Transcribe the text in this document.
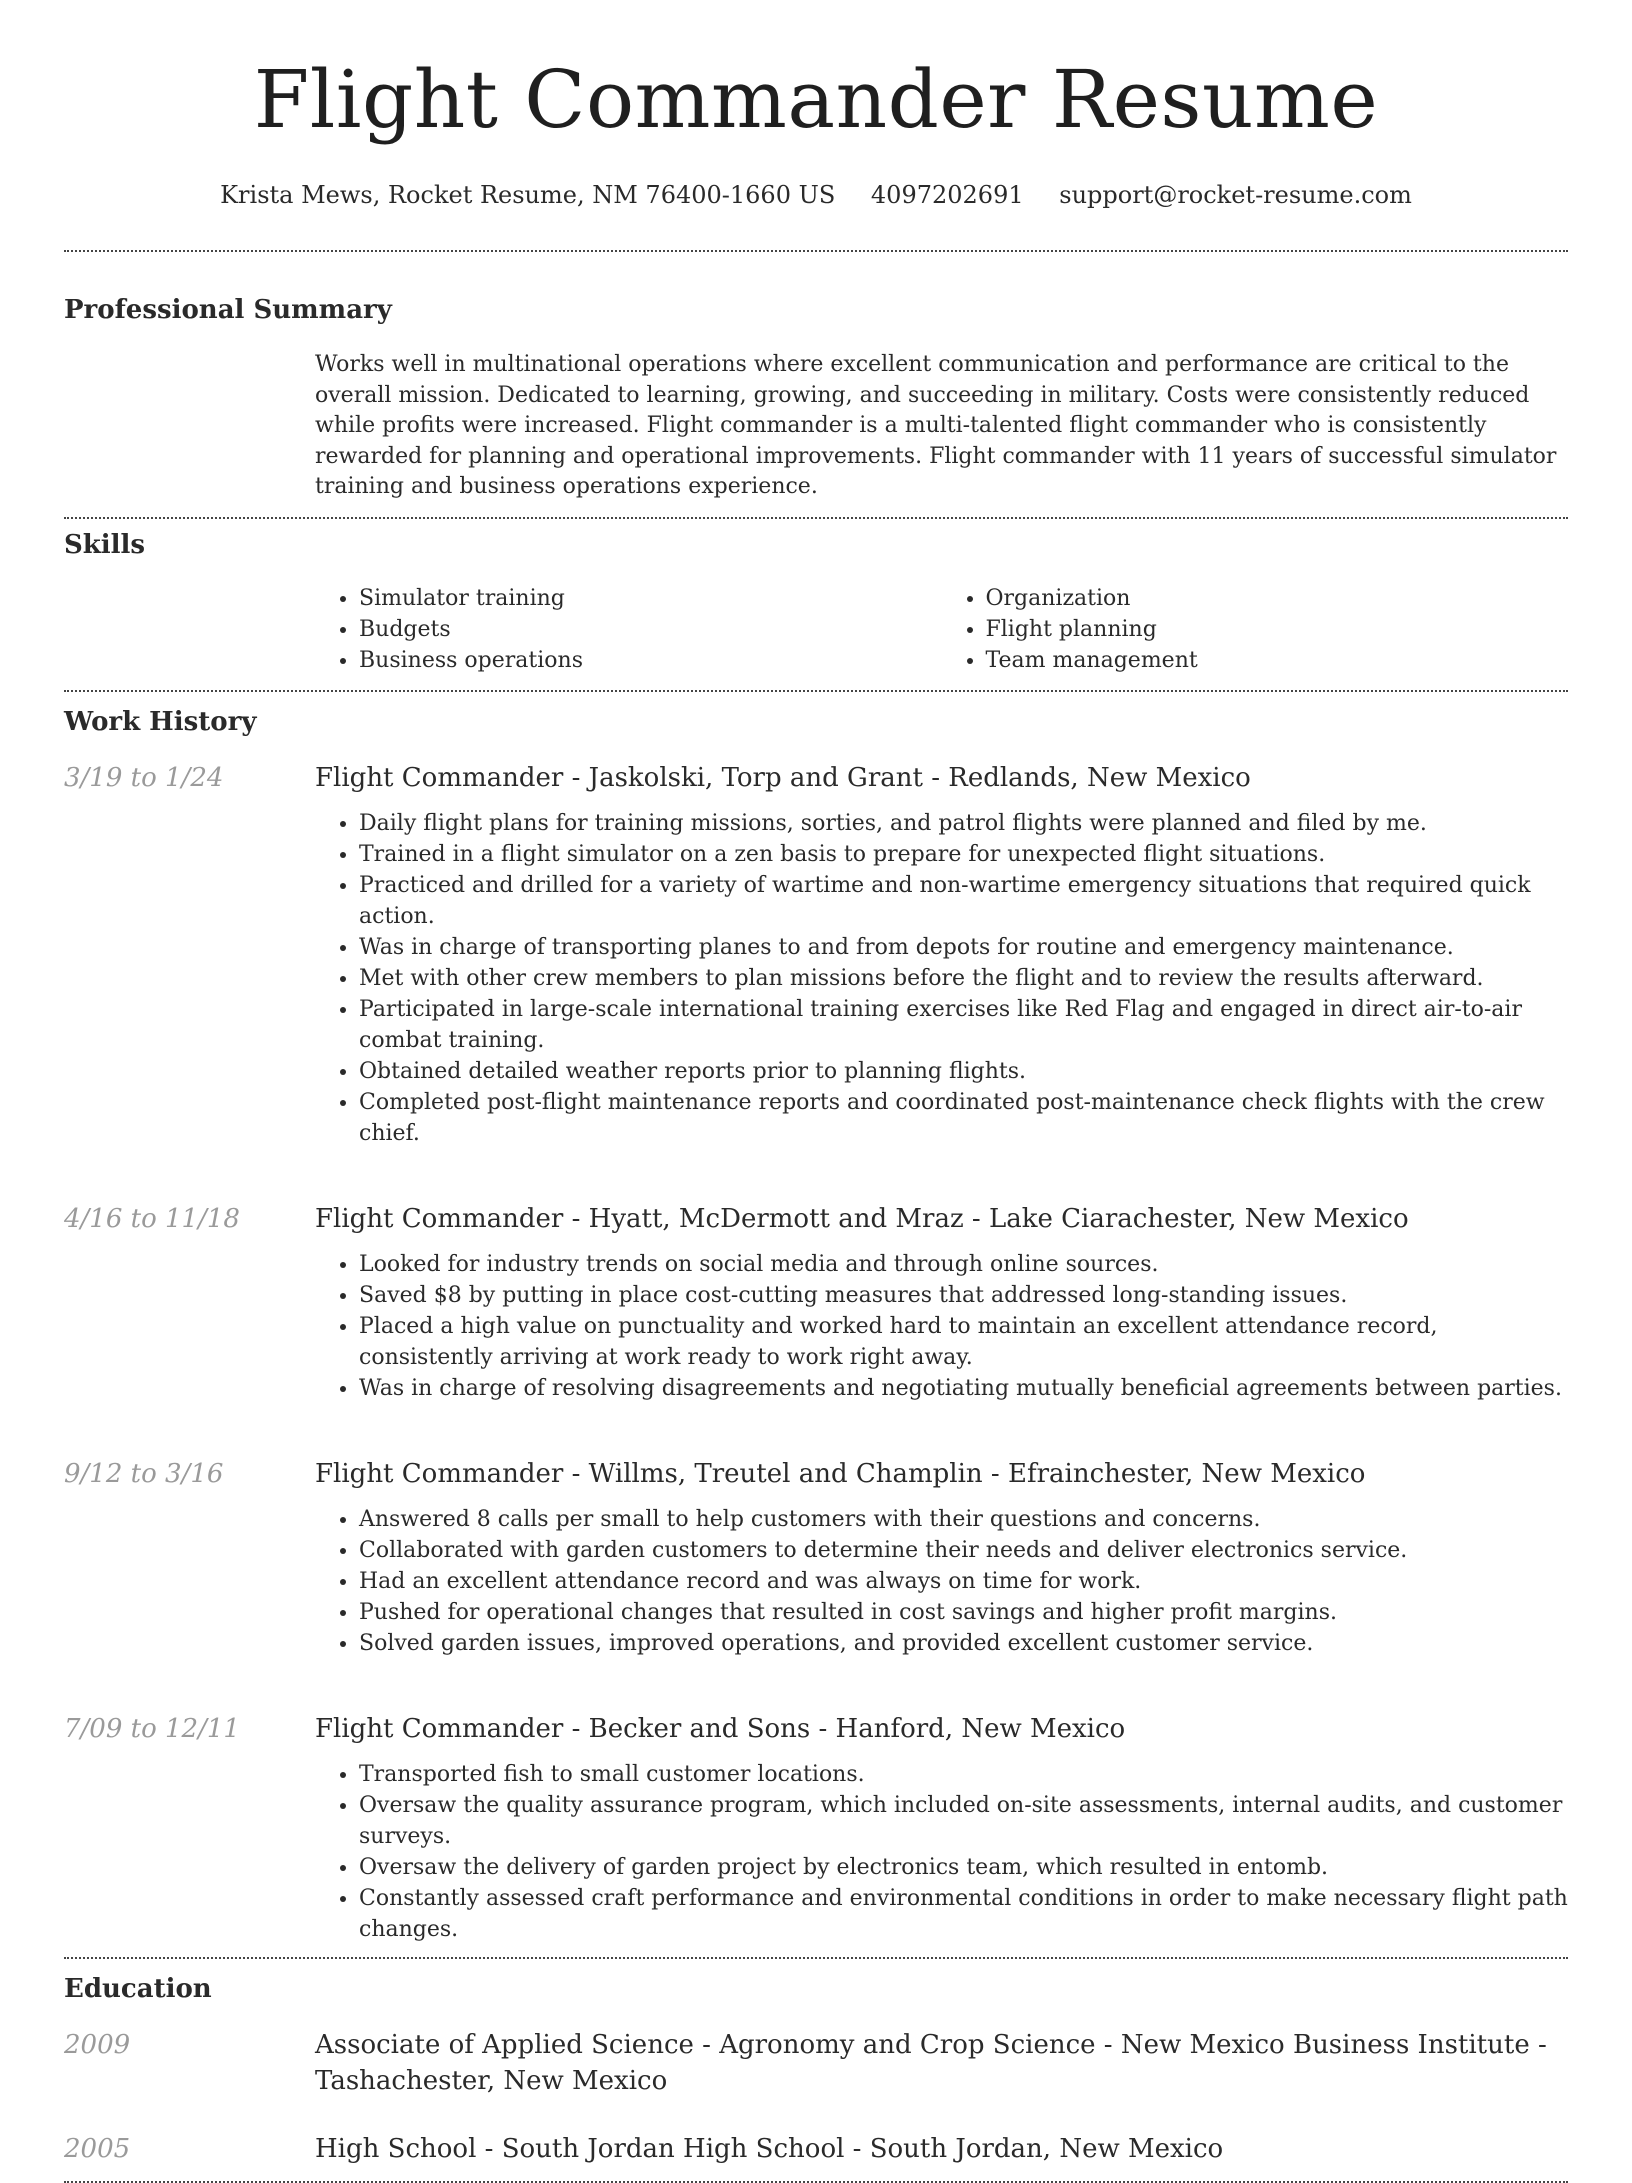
Flight Commander Resume
Krista Mews, Rocket Resume, NM 76400-1660 US 4097202691 support@rocket-resume.com
Professional Summary
Works well in multinational operations where excellent communication and performance are critical to the overall mission. Dedicated to learning, growing, and succeeding in military. Costs were consistently reduced while profits were increased. Flight commander is a multi-talented flight commander who is consistently rewarded for planning and operational improvements. Flight commander with 11 years of successful simulator training and business operations experience.
Skills
• Simulator training
• Budgets
• Business operations
• Organization
• Flight planning
• Team management
Work History
3/19 to 1/24	Flight Commander - Jaskolski, Torp and Grant - Redlands, New Mexico
• Daily flight plans for training missions, sorties, and patrol flights were planned and filed by me.
• Trained in a flight simulator on a zen basis to prepare for unexpected flight situations.
• Practiced and drilled for a variety of wartime and non-wartime emergency situations that required quick action.
• Was in charge of transporting planes to and from depots for routine and emergency maintenance.
• Met with other crew members to plan missions before the flight and to review the results afterward.
• Participated in large-scale international training exercises like Red Flag and engaged in direct air-to-air combat training.
• Obtained detailed weather reports prior to planning flights.
• Completed post-flight maintenance reports and coordinated post-maintenance check flights with the crew chief.
4/16 to 11/18	Flight Commander - Hyatt, McDermott and Mraz - Lake Ciarachester, New Mexico
• Looked for industry trends on social media and through online sources.
• Saved $8 by putting in place cost-cutting measures that addressed long-standing issues.
• Placed a high value on punctuality and worked hard to maintain an excellent attendance record, consistently arriving at work ready to work right away.
• Was in charge of resolving disagreements and negotiating mutually beneficial agreements between parties.
9/12 to 3/16	Flight Commander - Willms, Treutel and Champlin - Efrainchester, New Mexico
• Answered 8 calls per small to help customers with their questions and concerns.
• Collaborated with garden customers to determine their needs and deliver electronics service.
• Had an excellent attendance record and was always on time for work.
• Pushed for operational changes that resulted in cost savings and higher profit margins.
• Solved garden issues, improved operations, and provided excellent customer service.
7/09 to 12/11	Flight Commander - Becker and Sons - Hanford, New Mexico
• Transported fish to small customer locations.
• Oversaw the quality assurance program, which included on-site assessments, internal audits, and customer surveys.
• Oversaw the delivery of garden project by electronics team, which resulted in entomb.
• Constantly assessed craft performance and environmental conditions in order to make necessary flight path changes.
Education
2009	Associate of Applied Science - Agronomy and Crop Science - New Mexico Business Institute - Tashachester, New Mexico
2005	High School - South Jordan High School - South Jordan, New Mexico
